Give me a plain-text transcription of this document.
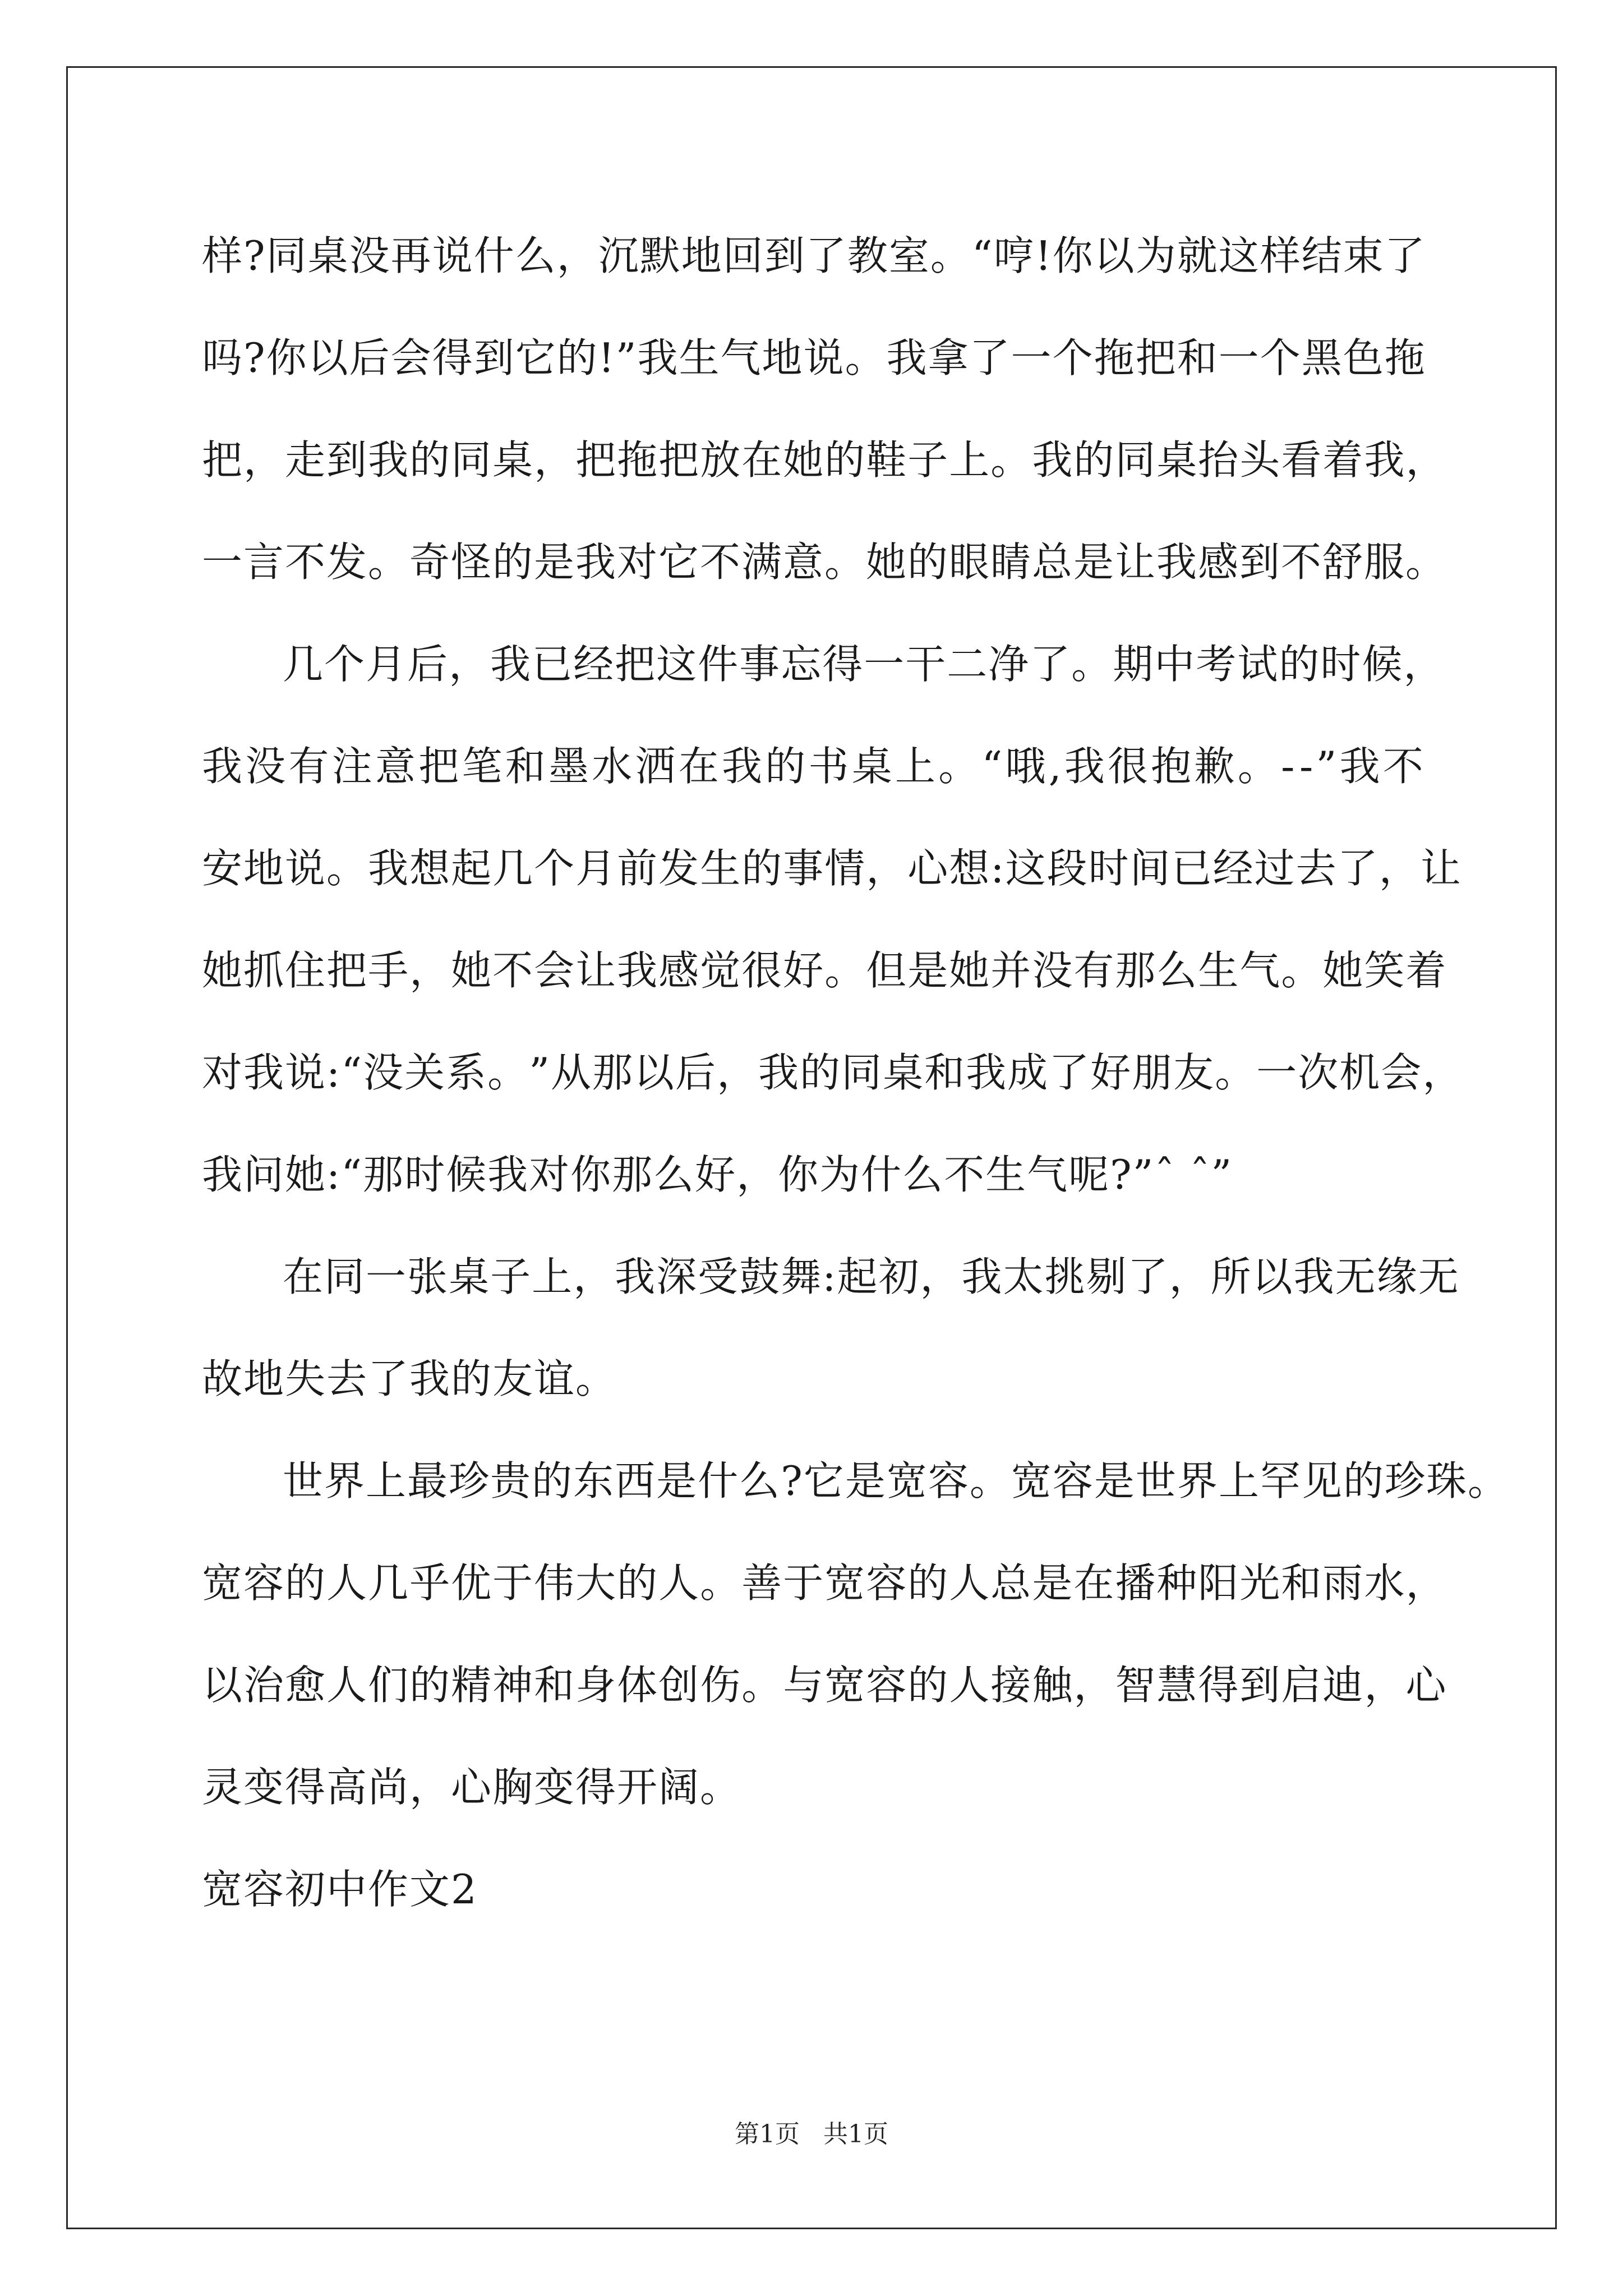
样 ? 同 桌 没 再 说 什 么 ， 沉 默 地 回 到 了 教 室 。 “ 哼 ! 你 以 为 就 这 样 结 束 了
吗 ? 你 以 后 会 得 到 它 的 ! ” 我 生 气 地 说 。 我 拿 了 一 个 拖 把 和 一 个 黑 色 拖
把 ， 走 到 我 的 同 桌 ， 把 拖 把 放 在 她 的 鞋 子 上 。 我 的 同 桌 抬 头 看 着 我 ，
一言不发。奇怪的是我对它不满意。她的眼睛总是让我感到不舒服。
几 个 月 后 ， 我 已 经 把 这 件 事 忘 得 一 干 二 净 了 。 期 中 考 试 的 时 候 ，
我 没 有 注 意 把 笔 和 墨 水 洒 在 我 的 书 桌 上 。 “ 哦 , 我 很 抱 歉 。 - - ” 我 不
安 地 说 。 我 想 起 几 个 月 前 发 生 的 事 情 ， 心 想 : 这 段 时 间 已 经 过 去 了 ， 让
她 抓 住 把 手 ， 她 不 会 让 我 感 觉 很 好 。 但 是 她 并 没 有 那 么 生 气 。 她 笑 着
对 我 说 : “ 没 关 系 。 ” 从 那 以 后 ， 我 的 同 桌 和 我 成 了 好 朋 友 。 一 次 机 会 ，
我问她:“那时候我对你那么好，你为什么不生气呢?”ˆ ˆ”
在 同 一 张 桌 子 上 ， 我 深 受 鼓 舞 : 起 初 ， 我 太 挑 剔 了 ， 所 以 我 无 缘 无
故地失去了我的友谊。
世 界 上 最 珍 贵 的 东 西 是 什 么 ? 它 是 宽 容 。 宽 容 是 世 界 上 罕 见 的 珍 珠 。
宽 容 的 人 几 乎 优 于 伟 大 的 人 。 善 于 宽 容 的 人 总 是 在 播 种 阳 光 和 雨 水 ，
以 治 愈 人 们 的 精 神 和 身 体 创 伤 。 与 宽 容 的 人 接 触 ， 智 慧 得 到 启 迪 ， 心
灵变得高尚，心胸变得开阔。
宽容初中作文2
第1页 共1页
